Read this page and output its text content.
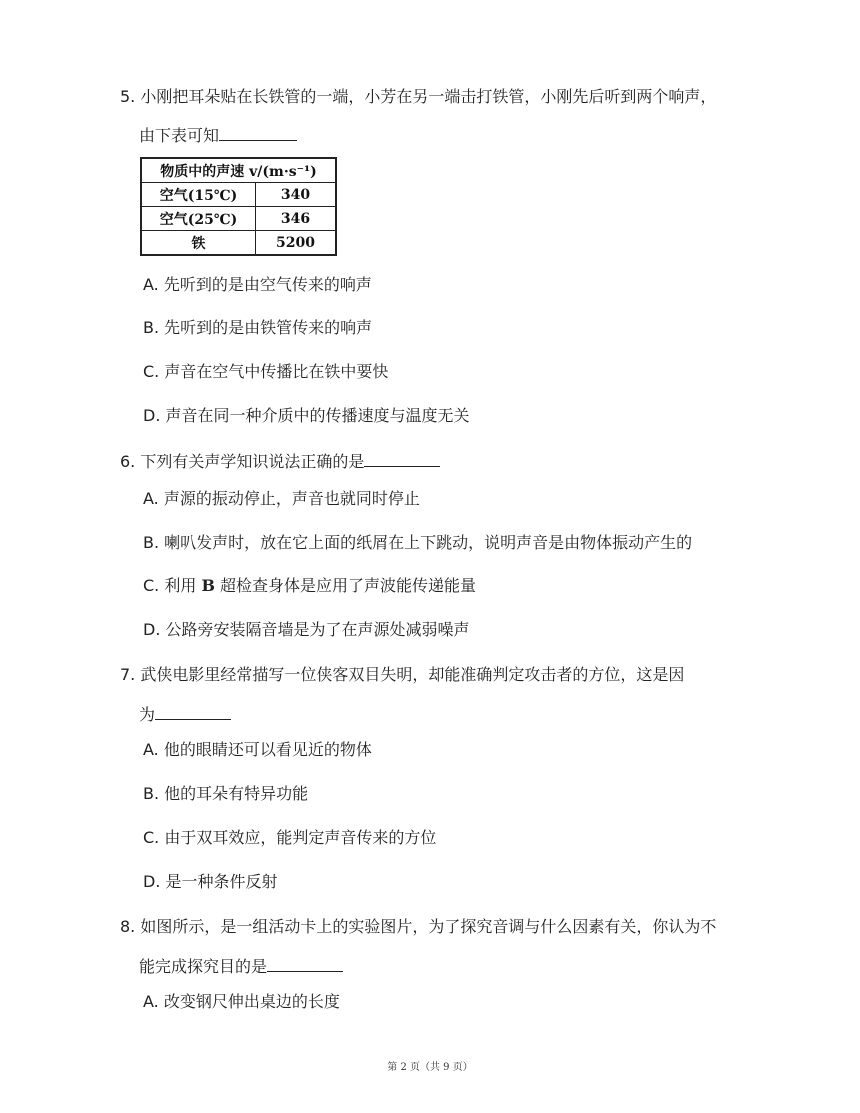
5. 小刚把耳朵贴在长铁管的一端，小芳在另一端击打铁管，小刚先后听到两个响声，
由下表可知
物质中的声速 v/(m·s⁻¹)	
空气(15℃)	340
空气(25℃)	346
铁	5200
A. 先听到的是由空气传来的响声
B. 先听到的是由铁管传来的响声
C. 声音在空气中传播比在铁中要快
D. 声音在同一种介质中的传播速度与温度无关
6. 下列有关声学知识说法正确的是
A. 声源的振动停止，声音也就同时停止
B. 喇叭发声时，放在它上面的纸屑在上下跳动，说明声音是由物体振动产生的
C. 利用 B 超检查身体是应用了声波能传递能量
D. 公路旁安装隔音墙是为了在声源处减弱噪声
7. 武侠电影里经常描写一位侠客双目失明，却能准确判定攻击者的方位，这是因
为
A. 他的眼睛还可以看见近的物体
B. 他的耳朵有特异功能
C. 由于双耳效应，能判定声音传来的方位
D. 是一种条件反射
8. 如图所示，是一组活动卡上的实验图片，为了探究音调与什么因素有关，你认为不
能完成探究目的是
A. 改变钢尺伸出桌边的长度
第 2 页（共 9 页）
